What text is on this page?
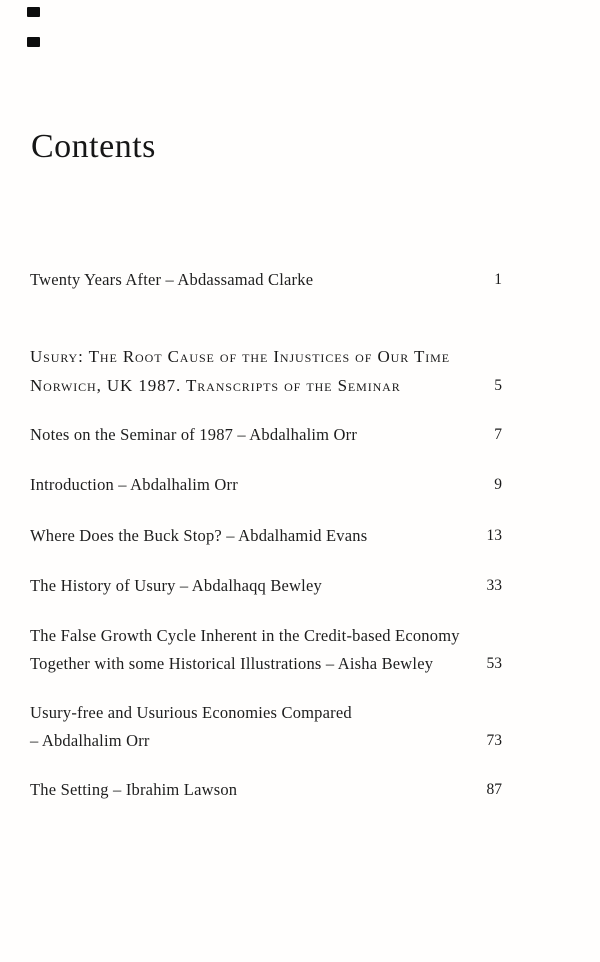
Contents
Twenty Years After – Abdassamad Clarke	1
Usury: The Root Cause of the Injustices of Our Time
Norwich, UK 1987. Transcripts of the Seminar	5
Notes on the Seminar of 1987 – Abdalhalim Orr	7
Introduction – Abdalhalim Orr	9
Where Does the Buck Stop? – Abdalhamid Evans	13
The History of Usury – Abdalhaqq Bewley	33
The False Growth Cycle Inherent in the Credit-based Economy
Together with some Historical Illustrations – Aisha Bewley	53
Usury-free and Usurious Economies Compared
– Abdalhalim Orr	73
The Setting – Ibrahim Lawson	87
